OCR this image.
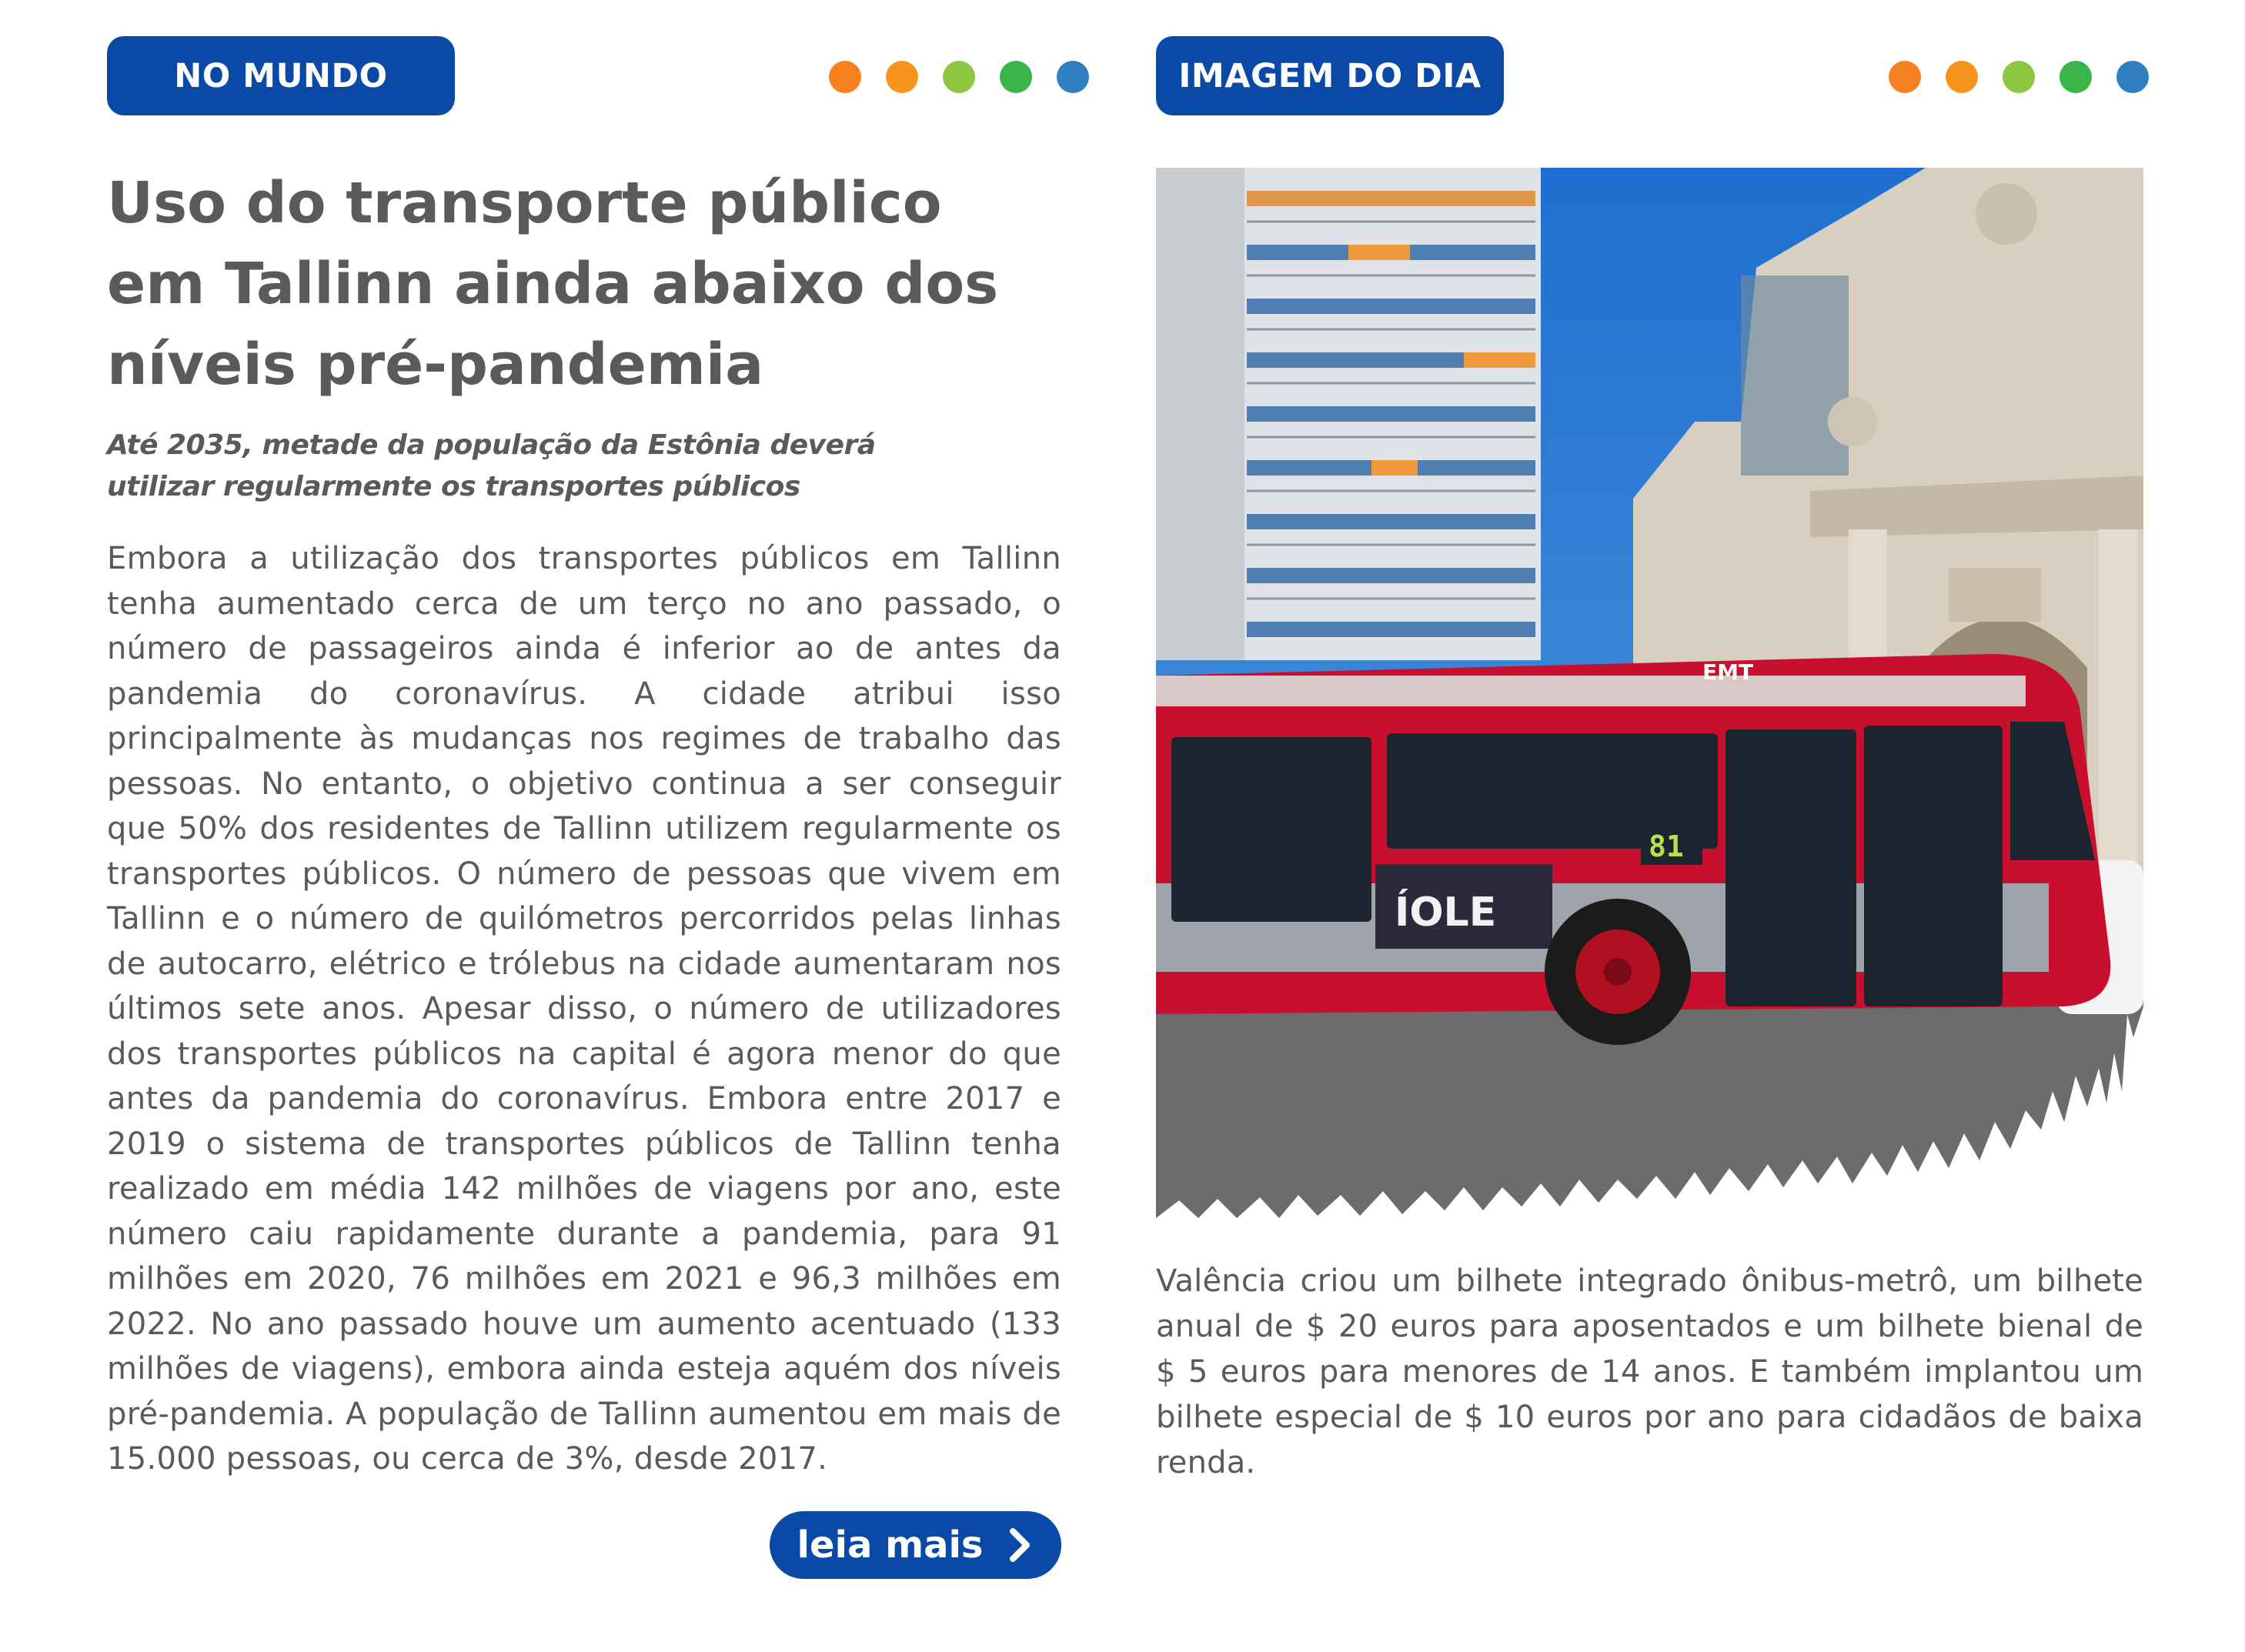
NO MUNDO
Uso do transporte público em Tallinn ainda abaixo dos níveis pré-pandemia

Até 2035, metade da população da Estônia deverá utilizar regularmente os transportes públicos

Embora a utilização dos transportes públicos em Tallinn tenha aumentado cerca de um terço no ano passado, o número de passageiros ainda é inferior ao de antes da pandemia do coronavírus. A cidade atribui isso principalmente às mudanças nos regimes de trabalho das pessoas. No entanto, o objetivo continua a ser conseguir que 50% dos residentes de Tallinn utilizem regularmente os transportes públicos. O número de pessoas que vivem em Tallinn e o número de quilómetros percorridos pelas linhas de autocarro, elétrico e trólebus na cidade aumentaram nos últimos sete anos. Apesar disso, o número de utilizadores dos transportes públicos na capital é agora menor do que antes da pandemia do coronavírus. Embora entre 2017 e 2019 o sistema de transportes públicos de Tallinn tenha realizado em média 142 milhões de viagens por ano, este número caiu rapidamente durante a pandemia, para 91 milhões em 2020, 76 milhões em 2021 e 96,3 milhões em 2022. No ano passado houve um aumento acentuado (133 milhões de viagens), embora ainda esteja aquém dos níveis pré-pandemia. A população de Tallinn aumentou em mais de 15.000 pessoas, ou cerca de 3%, desde 2017.

leia mais
IMAGEM DO DIA
EMT
81
ÍOLE

Valência criou um bilhete integrado ônibus-metrô, um bilhete anual de $ 20 euros para aposentados e um bilhete bienal de $ 5 euros para menores de 14 anos. E também implantou um bilhete especial de $ 10 euros por ano para cidadãos de baixa renda.
